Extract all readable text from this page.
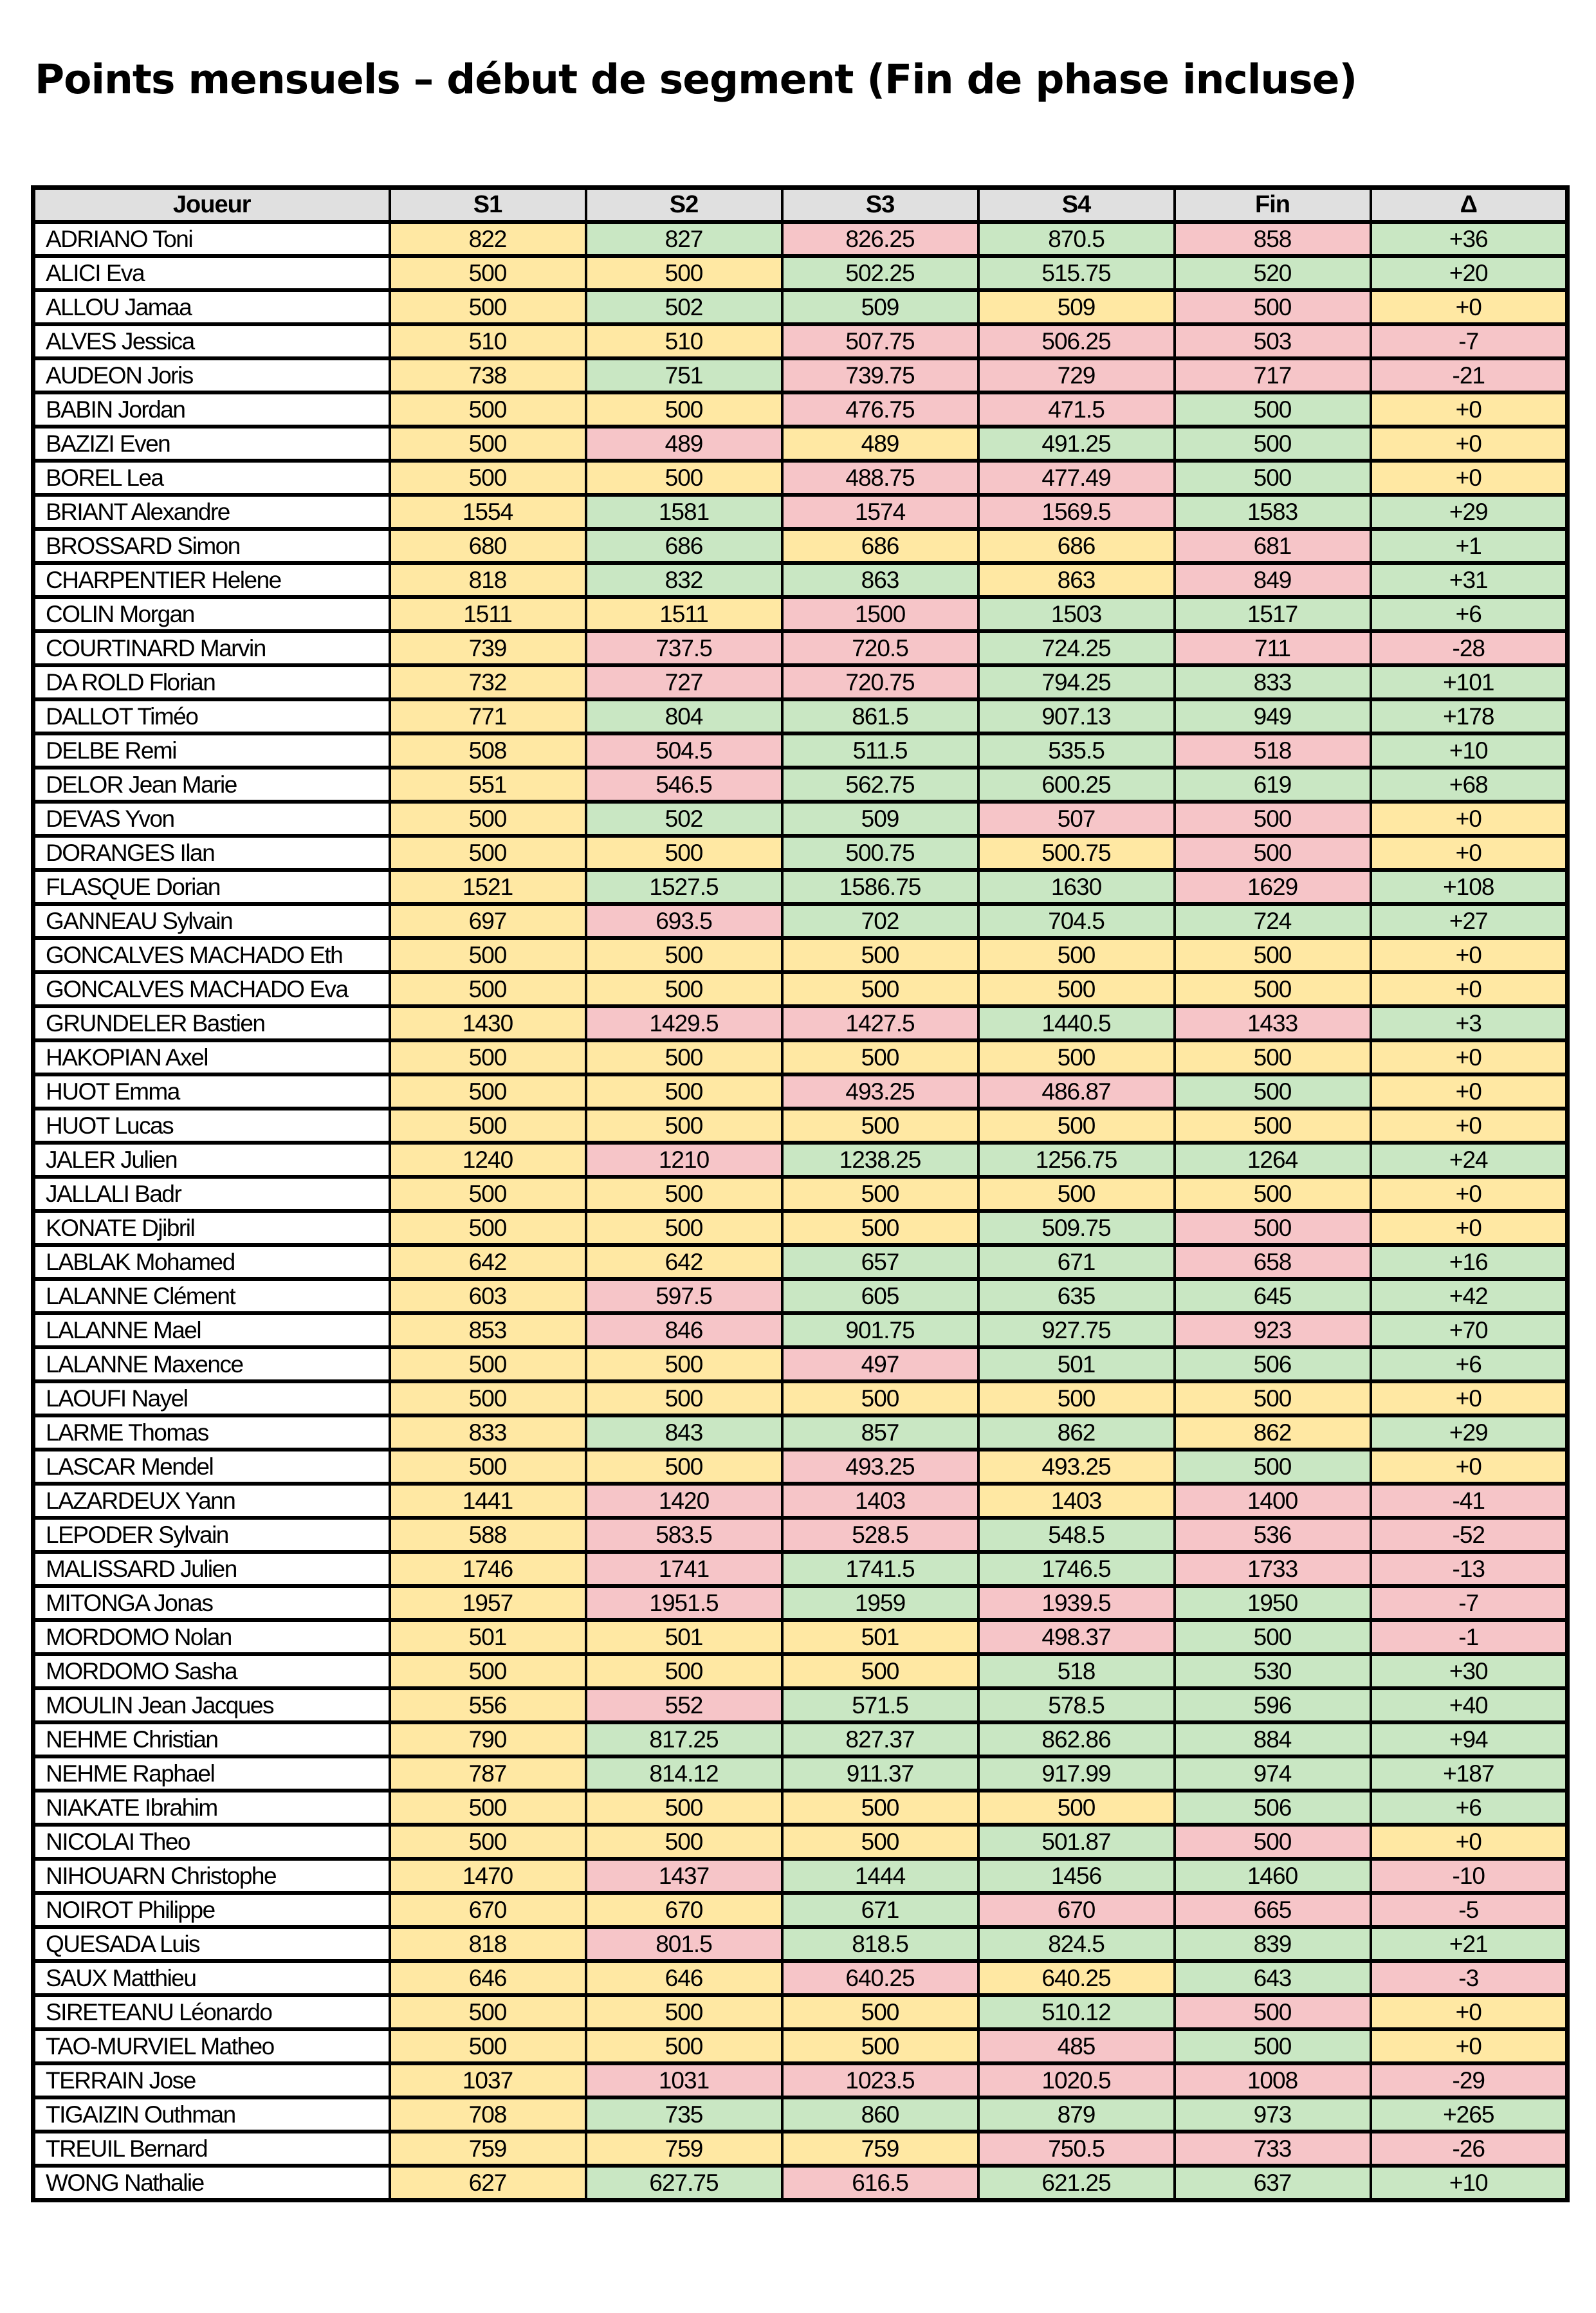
Points mensuels – début de segment (Fin de phase incluse)
Joueur	S1	S2	S3	S4	Fin	Δ
ADRIANO Toni	822	827	826.25	870.5	858	+36
ALICI Eva	500	500	502.25	515.75	520	+20
ALLOU Jamaa	500	502	509	509	500	+0
ALVES Jessica	510	510	507.75	506.25	503	-7
AUDEON Joris	738	751	739.75	729	717	-21
BABIN Jordan	500	500	476.75	471.5	500	+0
BAZIZI Even	500	489	489	491.25	500	+0
BOREL Lea	500	500	488.75	477.49	500	+0
BRIANT Alexandre	1554	1581	1574	1569.5	1583	+29
BROSSARD Simon	680	686	686	686	681	+1
CHARPENTIER Helene	818	832	863	863	849	+31
COLIN Morgan	1511	1511	1500	1503	1517	+6
COURTINARD Marvin	739	737.5	720.5	724.25	711	-28
DA ROLD Florian	732	727	720.75	794.25	833	+101
DALLOT Timéo	771	804	861.5	907.13	949	+178
DELBE Remi	508	504.5	511.5	535.5	518	+10
DELOR Jean Marie	551	546.5	562.75	600.25	619	+68
DEVAS Yvon	500	502	509	507	500	+0
DORANGES Ilan	500	500	500.75	500.75	500	+0
FLASQUE Dorian	1521	1527.5	1586.75	1630	1629	+108
GANNEAU Sylvain	697	693.5	702	704.5	724	+27
GONCALVES MACHADO Eth	500	500	500	500	500	+0
GONCALVES MACHADO Eva	500	500	500	500	500	+0
GRUNDELER Bastien	1430	1429.5	1427.5	1440.5	1433	+3
HAKOPIAN Axel	500	500	500	500	500	+0
HUOT Emma	500	500	493.25	486.87	500	+0
HUOT Lucas	500	500	500	500	500	+0
JALER Julien	1240	1210	1238.25	1256.75	1264	+24
JALLALI Badr	500	500	500	500	500	+0
KONATE Djibril	500	500	500	509.75	500	+0
LABLAK Mohamed	642	642	657	671	658	+16
LALANNE Clément	603	597.5	605	635	645	+42
LALANNE Mael	853	846	901.75	927.75	923	+70
LALANNE Maxence	500	500	497	501	506	+6
LAOUFI Nayel	500	500	500	500	500	+0
LARME Thomas	833	843	857	862	862	+29
LASCAR Mendel	500	500	493.25	493.25	500	+0
LAZARDEUX Yann	1441	1420	1403	1403	1400	-41
LEPODER Sylvain	588	583.5	528.5	548.5	536	-52
MALISSARD Julien	1746	1741	1741.5	1746.5	1733	-13
MITONGA Jonas	1957	1951.5	1959	1939.5	1950	-7
MORDOMO Nolan	501	501	501	498.37	500	-1
MORDOMO Sasha	500	500	500	518	530	+30
MOULIN Jean Jacques	556	552	571.5	578.5	596	+40
NEHME Christian	790	817.25	827.37	862.86	884	+94
NEHME Raphael	787	814.12	911.37	917.99	974	+187
NIAKATE Ibrahim	500	500	500	500	506	+6
NICOLAI Theo	500	500	500	501.87	500	+0
NIHOUARN Christophe	1470	1437	1444	1456	1460	-10
NOIROT Philippe	670	670	671	670	665	-5
QUESADA Luis	818	801.5	818.5	824.5	839	+21
SAUX Matthieu	646	646	640.25	640.25	643	-3
SIRETEANU Léonardo	500	500	500	510.12	500	+0
TAO-MURVIEL Matheo	500	500	500	485	500	+0
TERRAIN Jose	1037	1031	1023.5	1020.5	1008	-29
TIGAIZIN Outhman	708	735	860	879	973	+265
TREUIL Bernard	759	759	759	750.5	733	-26
WONG Nathalie	627	627.75	616.5	621.25	637	+10
